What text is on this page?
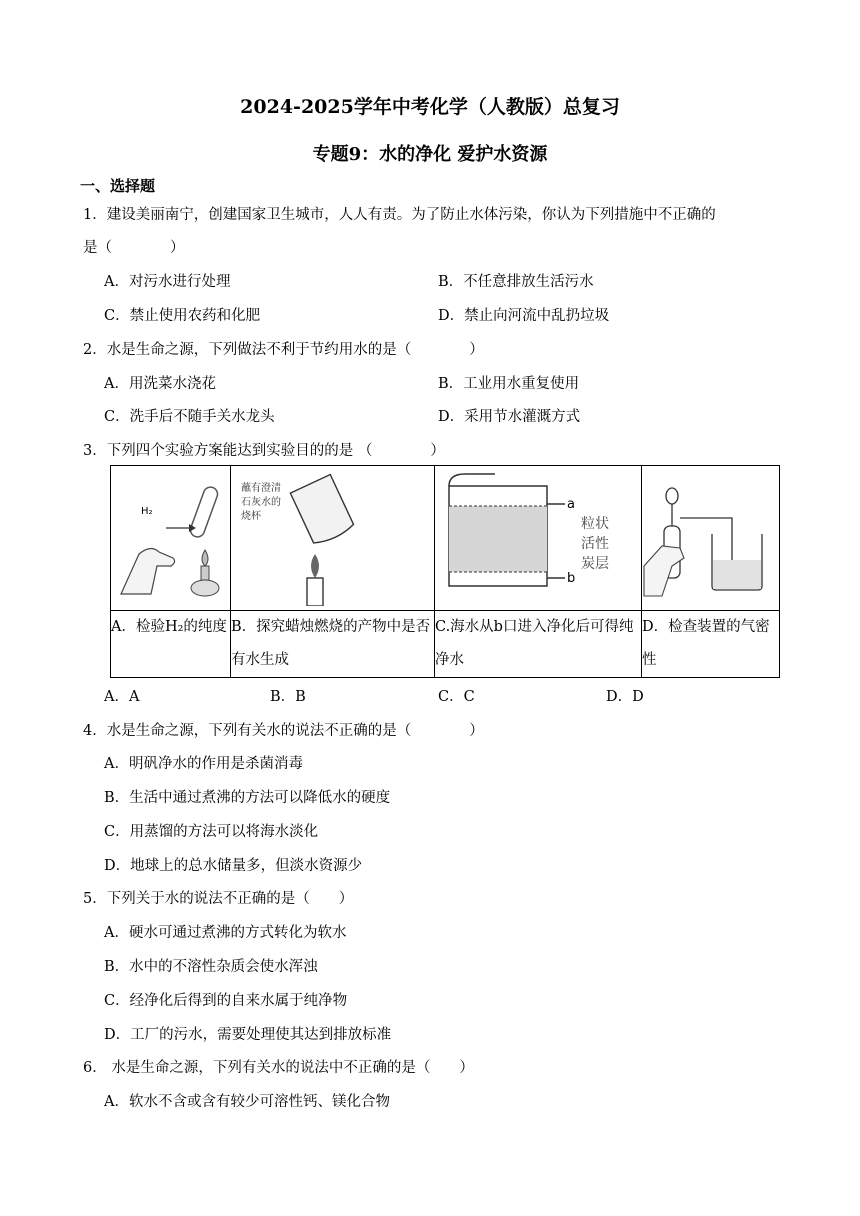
2024-2025学年中考化学（人教版）总复习
专题9：水的净化 爱护水资源
一、选择题
1．建设美丽南宁，创建国家卫生城市，人人有责。为了防止水体污染，你认为下列措施中不正确的
是（　　　　）
A．对污水进行处理	B．不任意排放生活污水
C．禁止使用农药和化肥	D．禁止向河流中乱扔垃圾
2．水是生命之源，下列做法不利于节约用水的是（　　　　）
A．用洗菜水浇花	B．工业用水重复使用
C．洗手后不随手关水龙头	D．采用节水灌溉方式
3．下列四个实验方案能达到实验目的的是 （　　　　）
H₂	蘸有澄清
石灰水的
烧杯	a
b
粒状
活性
炭层

A．检验H₂的纯度	B．探究蜡烛燃烧的产物中是否有水生成	C.海水从b口进入净化后可得纯净水	D．检查装置的气密性
A．A	B．B	C．C	D．D
4．水是生命之源，下列有关水的说法不正确的是（　　　　）
A．明矾净水的作用是杀菌消毒
B．生活中通过煮沸的方法可以降低水的硬度
C．用蒸馏的方法可以将海水淡化
D．地球上的总水储量多，但淡水资源少
5．下列关于水的说法不正确的是（　　）
A．硬水可通过煮沸的方式转化为软水
B．水中的不溶性杂质会使水浑浊
C．经净化后得到的自来水属于纯净物
D．工厂的污水，需要处理使其达到排放标准
6． 水是生命之源，下列有关水的说法中不正确的是（　　）
A．软水不含或含有较少可溶性钙、镁化合物
